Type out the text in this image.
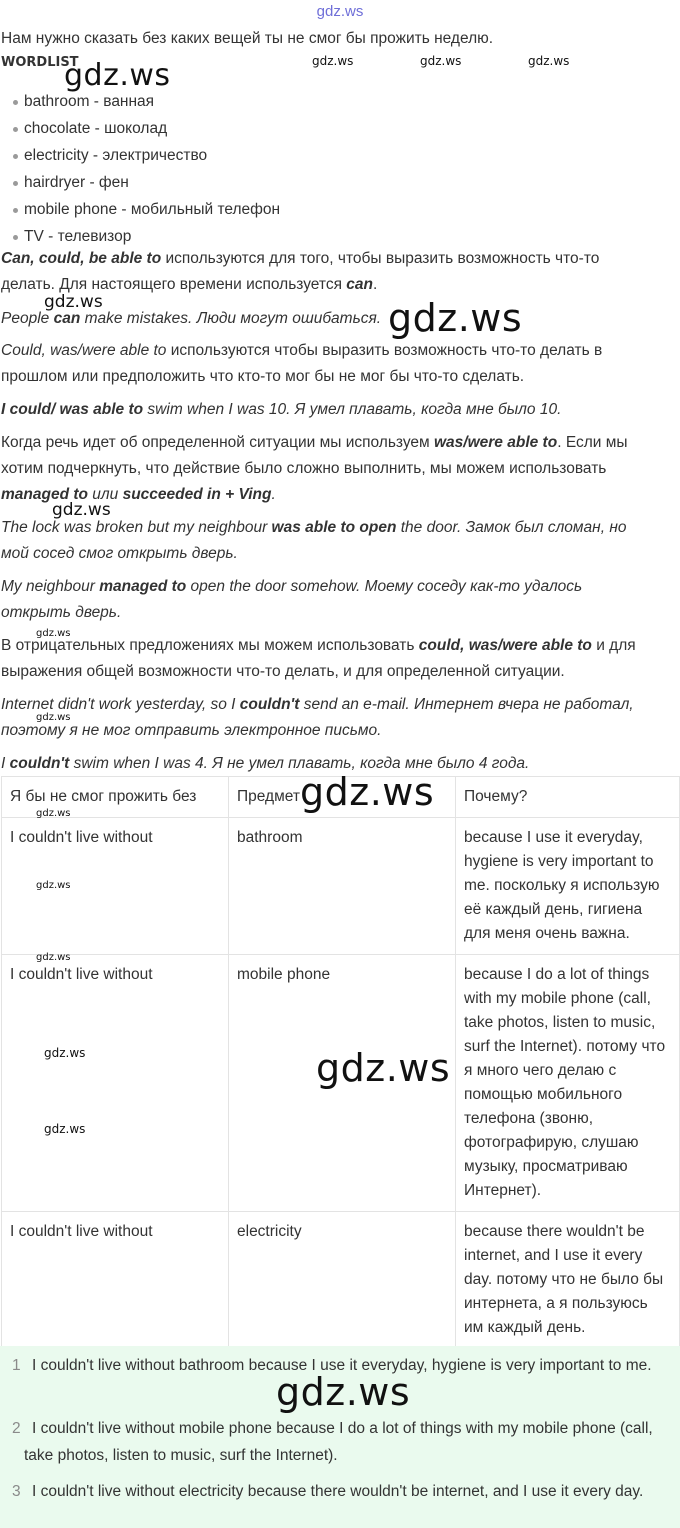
gdz.ws
Нам нужно сказать без каких вещей ты не смог бы прожить неделю.
WORDLIST	gdz.ws	gdz.ws	gdz.ws
gdz.ws
bathroom - ванная
chocolate - шоколад
electricity - электричество
hairdryer - фен
mobile phone - мобильный телефон
TV - телевизор
Can, could, be able to используются для того, чтобы выразить возможность что-то
делать. Для настоящего времени используется can.
gdz.ws
People can make mistakes. Люди могут ошибаться. gdz.ws
Could, was/were able to используются чтобы выразить возможность что-то делать в
прошлом или предположить что кто-то мог бы не мог бы что-то сделать.
I could/ was able to swim when I was 10. Я умел плавать, когда мне было 10.
Когда речь идет об определенной ситуации мы используем was/were able to. Если мы
хотим подчеркнуть, что действие было сложно выполнить, мы можем использовать
managed to или succeeded in + Ving.
gdz.ws
The lock was broken but my neighbour was able to open the door. Замок был сломан, но
мой сосед смог открыть дверь.
My neighbour managed to open the door somehow. Моему соседу как-то удалось
открыть дверь.
gdz.ws
В отрицательных предложениях мы можем использовать could, was/were able to и для
выражения общей возможности что-то делать, и для определенной ситуации.
Internet didn't work yesterday, so I couldn't send an e-mail. Интернет вчера не работал,
gdz.ws
поэтому я не мог отправить электронное письмо.
I couldn't swim when I was 4. Я не умел плавать, когда мне было 4 года.
Я бы не смог прожить без	Предмет	Почему?
I couldn't live without	bathroom	because I use it everyday, hygiene is very important to me. поскольку я использую её каждый день, гигиена для меня очень важна.
I couldn't live without	mobile phone	because I do a lot of things with my mobile phone (call, take photos, listen to music, surf the Internet). потому что я много чего делаю с помощью мобильного телефона (звоню, фотографирую, слушаю музыку, просматриваю Интернет).
I couldn't live without	electricity	because there wouldn't be internet, and I use it every day. потому что не было бы интернета, а я пользуюсь им каждый день.
gdz.ws
gdz.ws
gdz.ws
gdz.ws
gdz.ws
gdz.ws
gdz.ws
1 I couldn't live without bathroom because I use it everyday, hygiene is very important to me.
2 I couldn't live without mobile phone because I do a lot of things with my mobile phone (call, take photos, listen to music, surf the Internet).
3 I couldn't live without electricity because there wouldn't be internet, and I use it every day.
gdz.ws
